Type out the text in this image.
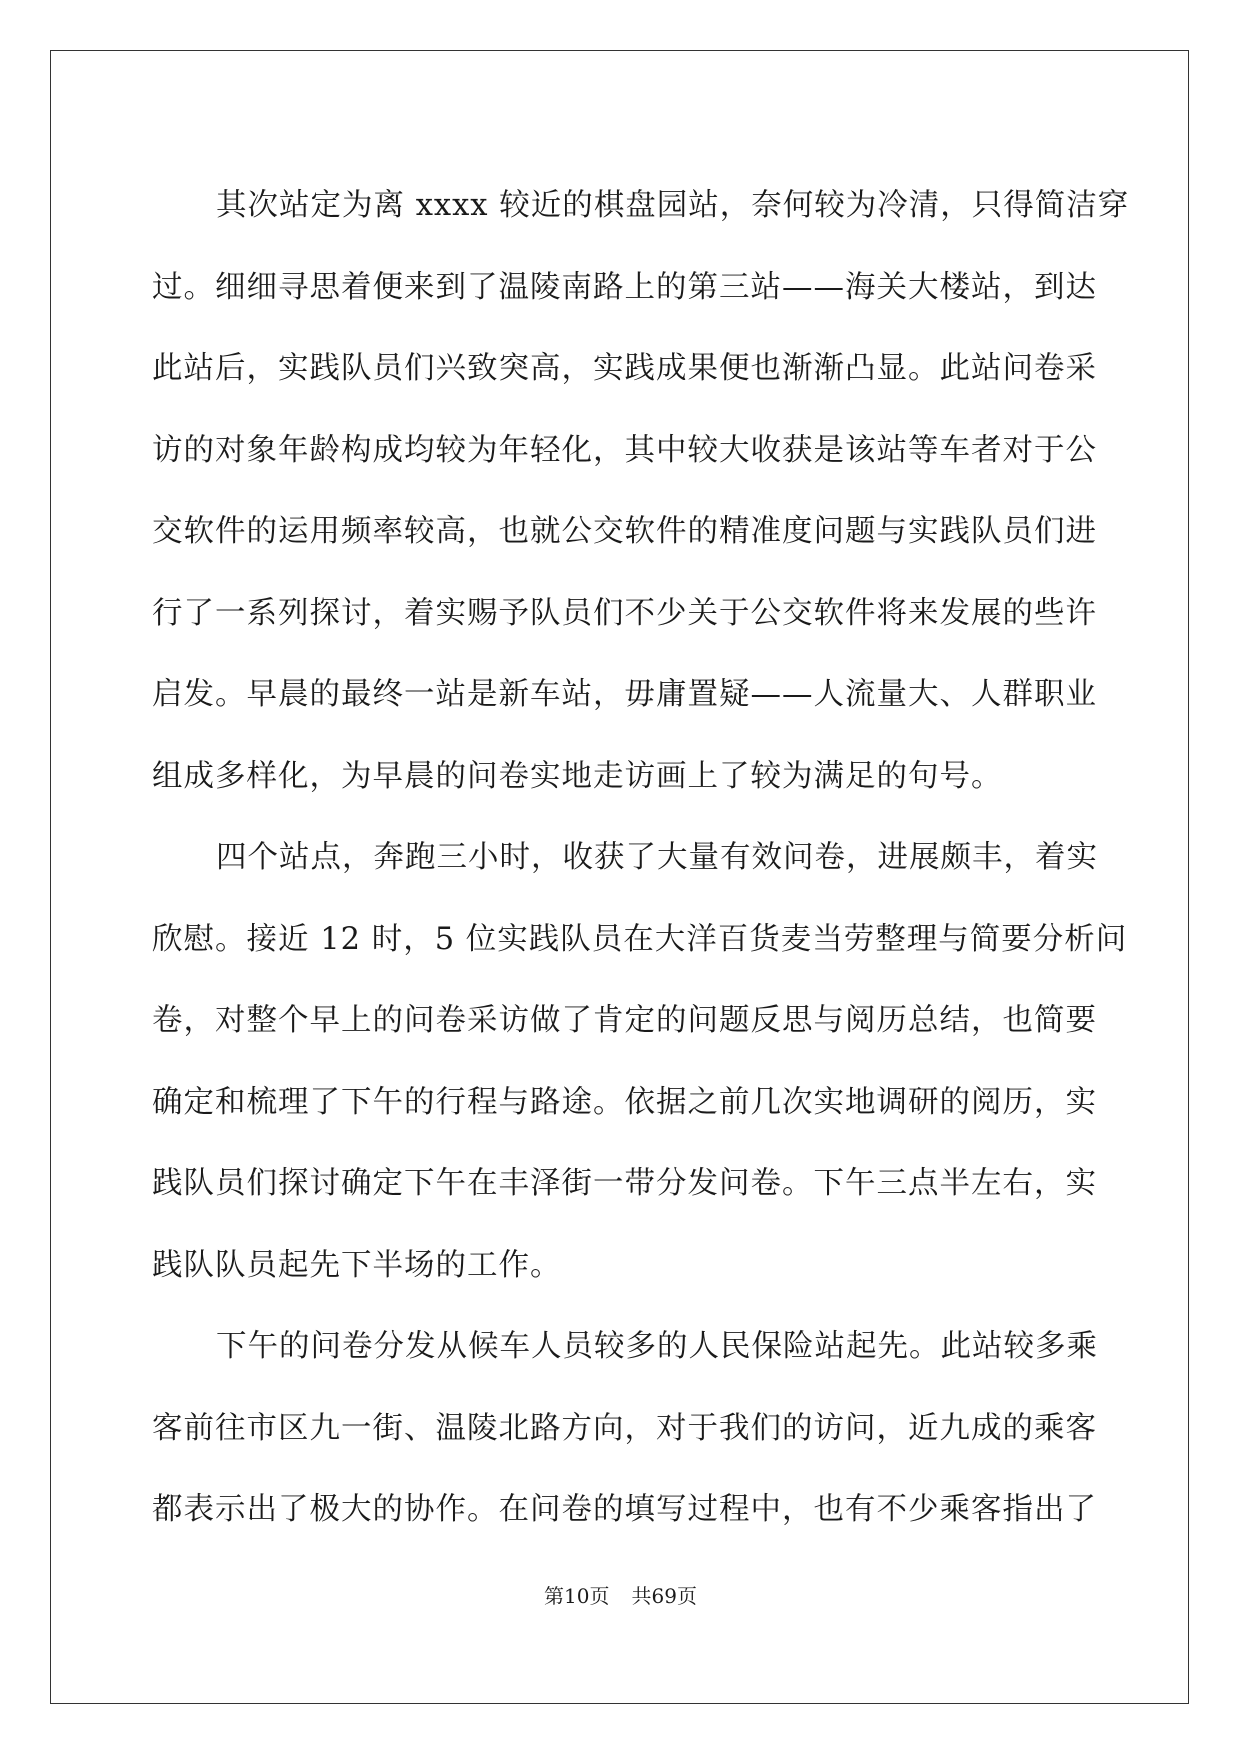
其次站定为离 xxxx 较近的棋盘园站，奈何较为冷清，只得简洁穿
过。细细寻思着便来到了温陵南路上的第三站——海关大楼站，到达
此站后，实践队员们兴致突高，实践成果便也渐渐凸显。此站问卷采
访的对象年龄构成均较为年轻化，其中较大收获是该站等车者对于公
交软件的运用频率较高，也就公交软件的精准度问题与实践队员们进
行了一系列探讨，着实赐予队员们不少关于公交软件将来发展的些许
启发。早晨的最终一站是新车站，毋庸置疑——人流量大、人群职业
组成多样化，为早晨的问卷实地走访画上了较为满足的句号。

四个站点，奔跑三小时，收获了大量有效问卷，进展颇丰，着实
欣慰。接近 12 时，5 位实践队员在大洋百货麦当劳整理与简要分析问
卷，对整个早上的问卷采访做了肯定的问题反思与阅历总结，也简要
确定和梳理了下午的行程与路途。依据之前几次实地调研的阅历，实
践队员们探讨确定下午在丰泽街一带分发问卷。下午三点半左右，实
践队队员起先下半场的工作。

下午的问卷分发从候车人员较多的人民保险站起先。此站较多乘
客前往市区九一街、温陵北路方向，对于我们的访问，近九成的乘客
都表示出了极大的协作。在问卷的填写过程中，也有不少乘客指出了

第10页 共69页
